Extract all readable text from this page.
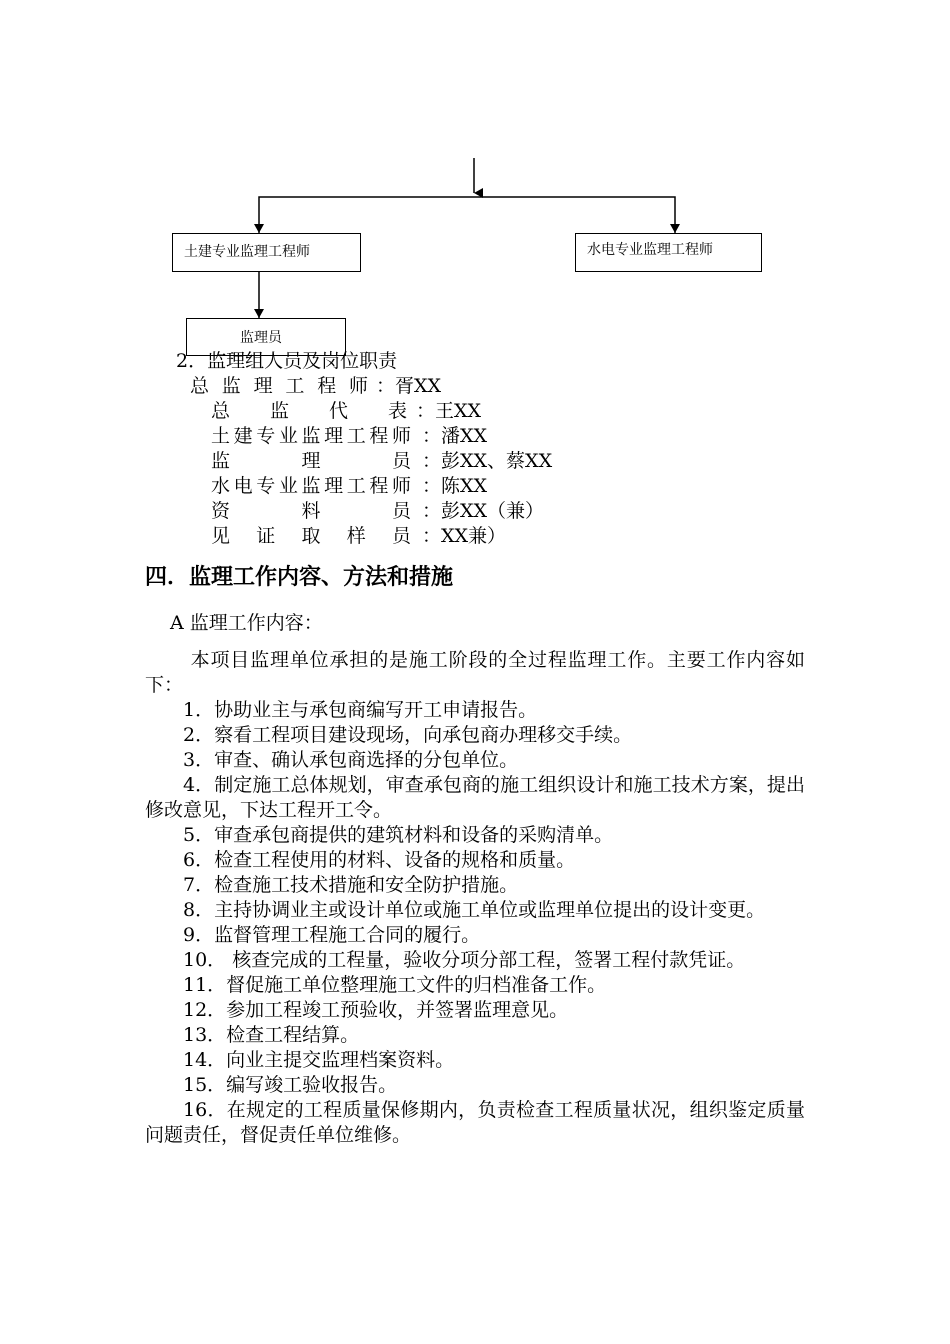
土建专业监理工程师	水电专业监理工程师
监理员
2．监理组人员及岗位职责
总监理工程师 ：胥XX
总监代表 ：王XX
土建专业监理工程师 ：潘XX
监理员 ：彭XX、蔡XX
水电专业监理工程师 ：陈XX
资料员 ：彭XX（兼）
见证取样员 ：XX兼）
四．监理工作内容、方法和措施
A 监理工作内容：

本项目监理单位承担的是施工阶段的全过程监理工作。主要工作内容如下：

1．协助业主与承包商编写开工申请报告。

2．察看工程项目建设现场，向承包商办理移交手续。

3．审查、确认承包商选择的分包单位。

4．制定施工总体规划，审查承包商的施工组织设计和施工技术方案，提出修改意见，下达工程开工令。

5．审查承包商提供的建筑材料和设备的采购清单。

6．检查工程使用的材料、设备的规格和质量。

7．检查施工技术措施和安全防护措施。

8．主持协调业主或设计单位或施工单位或监理单位提出的设计变更。

9．监督管理工程施工合同的履行。

10． 核查完成的工程量，验收分项分部工程，签署工程付款凭证。

11．督促施工单位整理施工文件的归档准备工作。

12．参加工程竣工预验收，并签署监理意见。

13．检查工程结算。

14．向业主提交监理档案资料。

15．编写竣工验收报告。

16．在规定的工程质量保修期内，负责检查工程质量状况，组织鉴定质量问题责任，督促责任单位维修。
